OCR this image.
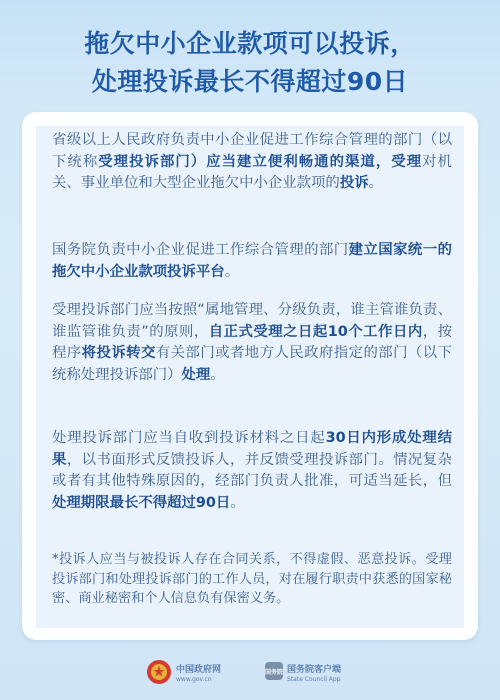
拖欠中小企业款项可以投诉，
处理投诉最长不得超过90日
省级以上人民政府负责中小企业促进工作综合管理的部门（以下统称受理投诉部门）应当建立便利畅通的渠道，受理对机关、事业单位和大型企业拖欠中小企业款项的投诉。
国务院负责中小企业促进工作综合管理的部门建立国家统一的拖欠中小企业款项投诉平台。
受理投诉部门应当按照“属地管理、分级负责，谁主管谁负责、谁监管谁负责”的原则，自正式受理之日起10个工作日内，按程序将投诉转交有关部门或者地方人民政府指定的部门（以下统称处理投诉部门）处理。
处理投诉部门应当自收到投诉材料之日起30日内形成处理结果，以书面形式反馈投诉人，并反馈受理投诉部门。情况复杂或者有其他特殊原因的，经部门负责人批准，可适当延长，但处理期限最长不得超过90日。
*投诉人应当与被投诉人存在合同关系，不得虚假、恶意投诉。受理投诉部门和处理投诉部门的工作人员，对在履行职责中获悉的国家秘密、商业秘密和个人信息负有保密义务。
中国政府网
www.gov.cn
国务院 国务院客户端
State Council App
